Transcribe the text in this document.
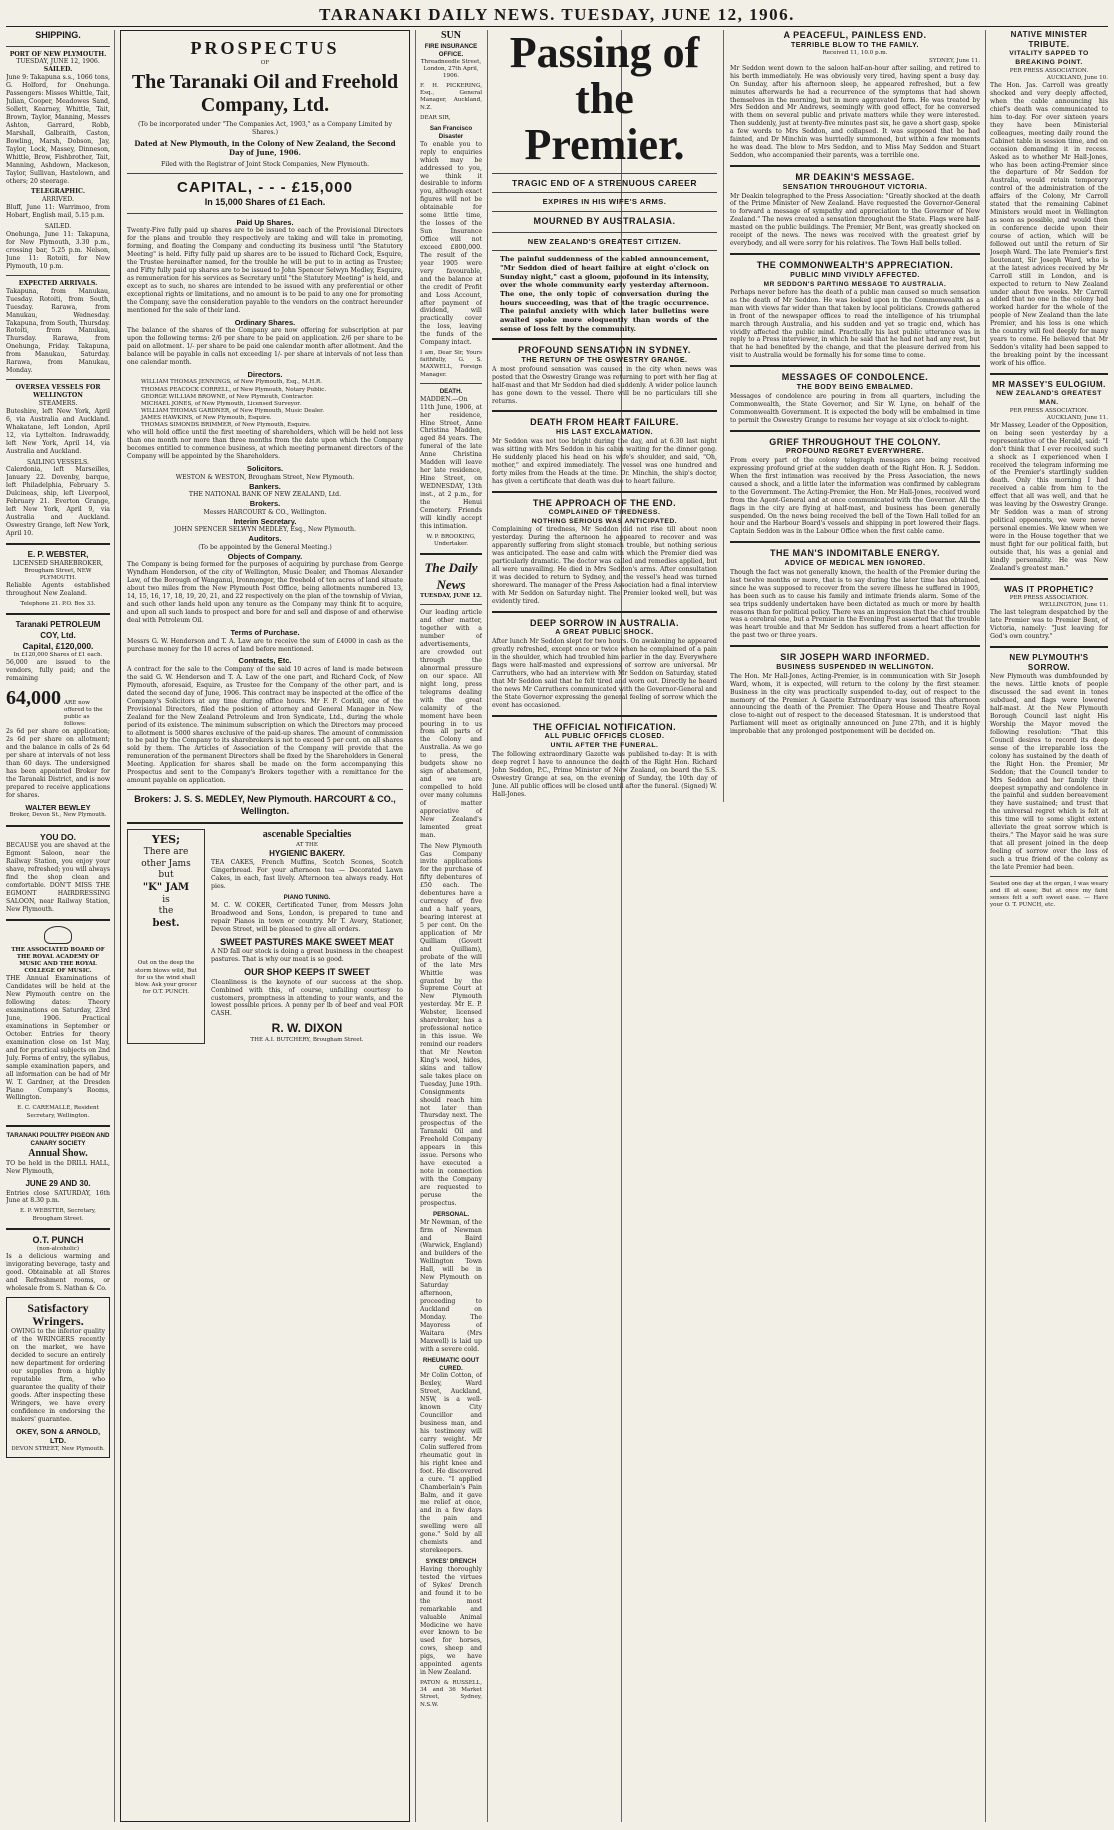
TARANAKI DAILY NEWS. TUESDAY, JUNE 12, 1906.
SHIPPING.
PORT OF NEW PLYMOUTH.
TUESDAY, JUNE 12, 1906.
SAILED.

June 9: Takapuna s.s., 1066 tons, G. Holford, for Onehunga. Passengers: Misses Whittle, Tait, Julian, Cooper, Meadowes Sand, Sollett, Kearney, Whittle, Tait, Brown, Taylor, Manning, Messrs Ashton, Garrard, Robb, Marshall, Galbraith, Caston, Bowling, Marsh, Dobson, Jay, Taylor, Lock, Massey, Dinneson, Whittle, Brow, Fishbrother, Tait, Manning, Ashdown, Mackeson, Taylor, Sullivan, Hastelown, and others; 20 steerage.

TELEGRAPHIC.
ARRIVED.

Bluff, June 11: Warrimoo, from Hobart, English mail, 5.15 p.m.

SAILED.

Onehunga, June 11: Takapuna, for New Plymouth, 3.30 p.m., crossing bar, 5.25 p.m. Nelson, June 11: Rotoiti, for New Plymouth, 10 p.m.

EXPECTED ARRIVALS.

Takapuna, from Manukau, Tuesday. Rotoiti, from South, Tuesday. Rarawa, from Manukau, Wednesday. Takapuna, from South, Thursday. Rotoiti, from Manukau, Thursday. Rarawa, from Onehunga, Friday. Takapuna, from Manukau, Saturday. Rarawa, from Manukau, Monday.

OVERSEA VESSELS FOR WELLINGTON
STEAMERS.

Buteshire, left New York, April 6, via Australia and Auckland. Whakatane, left London, April 12, via Lyttelton. Indrawaddy, left New York, April 14, via Australia and Auckland.

SAILING VESSELS.

Calerdonia, left Marseilles, January 22. Dovenby, barque, left Philadelphia, February 5. Dulcineas, ship, left Liverpool, February 21. Everton Grange, left New York, April 9, via Australia and Auckland. Oswestry Grange, left New York, April 10.

E. P. WEBSTER,
LICENSED SHAREBROKER,
Brougham Street, NEW PLYMOUTH.

Reliable Agents established throughout New Zealand.

Telephone 21. P.O. Box 33.
Taranaki PETROLEUM COY, Ltd.
Capital, £120,000.
In £120,000 Shares of £1 each.

56,000 are issued to the vendors, fully paid; and the remaining

64,000 ARE now offered to the public as follows:

2s 6d per share on application; 2s 6d per share on allotment; and the balance in calls of 2s 6d per share at intervals of not less than 60 days. The undersigned has been appointed Broker for the Taranaki District, and is now prepared to receive applications for shares.

WALTER BEWLEY
Broker, Devon St., New Plymouth.
YOU DO.

BECAUSE you are shaved at the Egmont Saloon, near the Railway Station, you enjoy your shave, refreshed; you will always find the shop clean and comfortable. DON'T MISS THE EGMONT HAIRDRESSING SALOON, near Railway Station, New Plymouth.

THE ASSOCIATED BOARD OF THE ROYAL ACADEMY OF MUSIC AND THE ROYAL COLLEGE OF MUSIC.

THE Annual Examinations of Candidates will be held at the New Plymouth centre on the following dates: Theory examinations on Saturday, 23rd June, 1906. Practical examinations in September or October. Entries for theory examination close on 1st May, and for practical subjects on 2nd July. Forms of entry, the syllabus, sample examination papers, and all information can be had of Mr W. T. Gardner, at the Dresden Piano Company's Rooms, Wellington.

E. C. CAREMALLE, Resident Secretary, Wellington.
TARANAKI POULTRY PIGEON AND CANARY SOCIETY
Annual Show.

TO be held in the DRILL HALL, New Plymouth,

JUNE 29 AND 30.

Entries close SATURDAY, 16th June at 8.30 p.m.

E. P. WEBSTER, Secretary, Brougham Street.
O.T. PUNCH
(non-alcoholic)

Is a delicious warming and invigorating beverage, tasty and good. Obtainable at all Stores and Refreshment rooms, or wholesale from S. Nathan & Co.

Satisfactory Wringers.

OWING to the inferior quality of the WRINGERS recently on the market, we have decided to secure an entirely new department for ordering our supplies from a highly reputable firm, who guarantee the quality of their goods. After inspecting these Wringers, we have every confidence in endorsing the makers' guarantee.

OKEY, SON & ARNOLD, LTD.
DEVON STREET, New Plymouth.
PROSPECTUS
OF
The Taranaki Oil and Freehold Company, Ltd.

(To be incorporated under "The Companies Act, 1903," as a Company Limited by Shares.)

Dated at New Plymouth, in the Colony of New Zealand, the Second Day of June, 1906.

Filed with the Registrar of Joint Stock Companies, New Plymouth.

CAPITAL, - - - £15,000
In 15,000 Shares of £1 Each.
Paid Up Shares.

Twenty-Five fully paid up shares are to be issued to each of the Provisional Directors for the plans and trouble they respectively are taking and will take in promoting, forming, and floating the Company and conducting its business until "the Statutory Meeting" is held. Fifty fully paid up shares are to be issued to Richard Cock, Esquire, the Trustee hereinafter named, for the trouble he will be put to in acting as Trustee; and Fifty fully paid up shares are to be issued to John Spencer Selwyn Medley, Esquire, as remuneration for his services as Secretary until "the Statutory Meeting" is held, and except as to such, no shares are intended to be issued with any preferential or other exceptional rights or limitations, and no amount is to be paid to any one for promoting the Company, save the consideration payable to the vendors on the contract hereunder mentioned for the sale of their land.

Ordinary Shares.

The balance of the shares of the Company are now offering for subscription at par upon the following terms: 2/6 per share to be paid on application. 2/6 per share to be paid on allotment. 1/- per share to be paid one calendar month after allotment. And the balance will be payable in calls not exceeding 1/- per share at intervals of not less than one calendar month.

Directors.
WILLIAM THOMAS JENNINGS, of New Plymouth, Esq., M.H.R.
THOMAS PEACOCK CORRELL, of New Plymouth, Notary Public.
GEORGE WILLIAM BROWNE, of New Plymouth, Contractor.
MICHAEL JONES, of New Plymouth, Licensed Surveyor.
WILLIAM THOMAS GARDNER, of New Plymouth, Music Dealer.
JAMES HAWKINS, of New Plymouth, Esquire.
THOMAS SIMONDS BRIMMER, of New Plymouth, Esquire.

who will hold office until the first meeting of shareholders, which will be held not less than one month nor more than three months from the date upon which the Company becomes entitled to commence business, at which meeting permanent directors of the Company will be appointed by the Shareholders.

Solicitors.
WESTON & WESTON, Brougham Street, New Plymouth.
Bankers.
THE NATIONAL BANK OF NEW ZEALAND, Ltd.
Brokers.
Messrs HARCOURT & CO., Wellington.
Interim Secretary.
JOHN SPENCER SELWYN MEDLEY, Esq., New Plymouth.
Auditors.
(To be appointed by the General Meeting.)
Objects of Company.

The Company is being formed for the purposes of acquiring by purchase from George Wyndham Henderson, of the city of Wellington, Music Dealer, and Thomas Alexander Law, of the Borough of Wanganui, Ironmonger, the freehold of ten acres of land situate about two miles from the New Plymouth Post Office, being allotments numbered 13, 14, 15, 16, 17, 18, 19, 20, 21, and 22 respectively on the plan of the township of Vivian, and such other lands held upon any tenure as the Company may think fit to acquire, and upon all such lands to prospect and bore for and sell and dispose of and otherwise deal with Petroleum Oil.

Terms of Purchase.

Messrs G. W. Henderson and T. A. Law are to receive the sum of £4000 in cash as the purchase money for the 10 acres of land before mentioned.

Contracts, Etc.

A contract for the sale to the Company of the said 10 acres of land is made between the said G. W. Henderson and T. A. Law of the one part, and Richard Cock, of New Plymouth, aforesaid, Esquire, as Trustee for the Company of the other part, and is dated the second day of June, 1906. This contract may be inspected at the office of the Company's Solicitors at any time during office hours. Mr F. P. Corkill, one of the Provisional Directors, filed the position of attorney and General Manager in New Zealand for the New Zealand Petroleum and Iron Syndicate, Ltd., during the whole period of its existence. The minimum subscription on which the Directors may proceed to allotment is 5000 shares exclusive of the paid-up shares. The amount of commission to be paid by the Company to its sharebrokers is not to exceed 5 per cent. on all shares sold by them. The Articles of Association of the Company will provide that the remuneration of the permanent Directors shall be fixed by the Shareholders in General Meeting. Application for shares shall be made on the form accompanying this Prospectus and sent to the Company's Brokers together with a remittance for the amount payable on application.

Brokers: J. S. S. MEDLEY, New Plymouth. HARCOURT & CO., Wellington.
YES;
There are
other Jams
but
"K" JAM
is
the
best.
Out on the deep the storm blows wild, But for us the wind shall blow. Ask your grocer for O.T. PUNCH.
ascenable Specialties
AT THE
HYGIENIC BAKERY.

TEA CAKES, French Muffins, Scotch Scones, Scotch Gingerbread. For your afternoon tea — Decorated Lawn Cakes, in each, fast lively. Afternoon tea always ready. Hot pies.

PIANO TUNING.

M. C. W. COKER, Certificated Tuner, from Messrs John Broadwood and Sons, London, is prepared to tune and repair Pianos in town or country. Mr T. Avery, Stationer, Devon Street, will be pleased to give all orders.

SWEET PASTURES MAKE SWEET MEAT

A ND fall our stock is doing a great business in the cheapest pastures. That is why our meat is so good.

OUR SHOP KEEPS IT SWEET

Cleanliness is the keynote of our success at the shop. Combined with this, of course, unfailing courtesy to customers, promptness in attending to your wants, and the lowest possible prices. A penny per lb of beef and veal FOR CASH.

R. W. DIXON
THE A.I. BUTCHERY, Brougham Street.
SUN
FIRE INSURANCE OFFICE.

Threadneedle Street, London, 27th April, 1906.

F. H. PICKERING, Esq., General Manager, Auckland, N.Z.

DEAR SIR,

San Francisco Disaster

To enable you to reply to enquiries which may be addressed to you, we think it desirable to inform you, although exact figures will not be obtainable for some little time, the losses of the Sun Insurance Office will not exceed £800,000. The result of the year 1905 were very favourable, and the balance at the credit of Profit and Loss Account, after payment of dividend, will practically cover the loss, leaving the funds of the Company intact.

I am, Dear Sir, Yours faithfully, G. S. MAXWELL, Foreign Manager.

DEATH.

MADDEN.—On 11th June, 1906, at her residence, Hine Street, Anne Christina Madden, aged 84 years. The funeral of the late Anne Christina Madden will leave her late residence, Hine Street, on WEDNESDAY, 13th inst., at 2 p.m., for the Henui Cemetery. Friends will kindly accept this intimation.

W. P. BROOKING, Undertaker.

The Daily News
TUESDAY, JUNE 12.

Our leading article and other matter, together with a number of advertisements, are crowded out through the abnormal pressure on our space. All night long, press telegrams dealing with the great calamity of the moment have been pouring in to us from all parts of the Colony and Australia. As we go to press, the budgets show no sign of abatement, and we are compelled to hold over many columns of matter appreciative of New Zealand's lamented great man.

The New Plymouth Gas Company invite applications for the purchase of fifty debentures of £50 each. The debentures have a currency of five and a half years, bearing interest at 5 per cent. On the application of Mr Quilliam (Govett and Quilliam), probate of the will of the late Mrs Whittle was granted by the Supreme Court at New Plymouth yesterday. Mr E. P. Webster, licensed sharebroker, has a professional notice in this issue. We remind our readers that Mr Newton King's wool, hides, skins and tallow sale takes place on Tuesday, June 19th. Consignments should reach him not later than Thursday next. The prospectus of the Taranaki Oil and Freehold Company appears in this issue. Persons who have executed a note in connection with the Company are requested to peruse the prospectus.

PERSONAL.

Mr Newman, of the firm of Newman and Baird (Warwick, England) and builders of the Wellington Town Hall, will be in New Plymouth on Saturday afternoon, proceeding to Auckland on Monday. The Mayoress of Waitara (Mrs Maxwell) is laid up with a severe cold.

RHEUMATIC GOUT CURED.

Mr Colin Cotton, of Bexley, Ward Street, Auckland, NSW, is a well-known City Councillor and business man, and his testimony will carry weight. Mr Colin suffered from rheumatic gout in his right knee and foot. He discovered a cure. "I applied Chamberlain's Pain Balm, and it gave me relief at once, and in a few days the pain and swelling were all gone." Sold by all chemists and storekeepers.

SYKES' DRENCH

Having thoroughly tested the virtues of Sykes' Drench and found it to be the most remarkable and valuable Animal Medicine we have ever known to be used for horses, cows, sheep and pigs, we have appointed agents in New Zealand.

PATON & RUSSELL, 34 and 36 Market Street, Sydney, N.S.W.

Passing of the Premier.
TRAGIC END OF A STRENUOUS CAREER
EXPIRES IN HIS WIFE'S ARMS.
MOURNED BY AUSTRALASIA.
NEW ZEALAND'S GREATEST CITIZEN.

The painful suddenness of the cabled announcement, "Mr Seddon died of heart failure at eight o'clock on Sunday night," cast a gloom, profound in its intensity, over the whole community early yesterday afternoon. The one, the only topic of conversation during the hours succeeding, was that of the tragic occurrence. The painful anxiety with which later bulletins were awaited spoke more eloquently than words of the sense of loss felt by the community.

PROFOUND SENSATION IN SYDNEY.
THE RETURN OF THE OSWESTRY GRANGE.

A most profound sensation was caused in the city when news was posted that the Oswestry Grange was returning to port with her flag at half-mast and that Mr Seddon had died suddenly. A wider police launch has gone down to the vessel. There will be no particulars till she returns.

DEATH FROM HEART FAILURE.
HIS LAST EXCLAMATION.

Mr Seddon was not too bright during the day, and at 6.30 last night was sitting with Mrs Seddon in his cabin waiting for the dinner gong. He suddenly placed his head on his wife's shoulder, and said, "Oh, mother," and expired immediately. The vessel was one hundred and forty miles from the Heads at the time. Dr. Minchin, the ship's doctor, has given a certificate that death was due to heart failure.

THE APPROACH OF THE END.
COMPLAINED OF TIREDNESS.
NOTHING SERIOUS WAS ANTICIPATED.

Complaining of tiredness, Mr Seddon did not rise till about noon yesterday. During the afternoon he appeared to recover and was apparently suffering from slight stomach trouble, but nothing serious was anticipated. The ease and calm with which the Premier died was particularly dramatic. The doctor was called and remedies applied, but all were unavailing. He died in Mrs Seddon's arms. After consultation it was decided to return to Sydney, and the vessel's head was turned shoreward. The manager of the Press Association had a final interview with Mr Seddon on Saturday night. The Premier looked well, but was evidently tired.

DEEP SORROW IN AUSTRALIA.
A GREAT PUBLIC SHOCK.

After lunch Mr Seddon slept for two hours. On awakening he appeared greatly refreshed, except once or twice when he complained of a pain in the shoulder, which had troubled him earlier in the day. Everywhere flags were half-masted and expressions of sorrow are universal. Mr Carruthers, who had an interview with Mr Seddon on Saturday, stated that Mr Seddon said that he felt tired and worn out. Directly he heard the news Mr Carruthers communicated with the Governor-General and the State Governor expressing the general feeling of sorrow which the event has occasioned.

THE OFFICIAL NOTIFICATION.
ALL PUBLIC OFFICES CLOSED.
UNTIL AFTER THE FUNERAL.

The following extraordinary Gazette was published to-day: It is with deep regret I have to announce the death of the Right Hon. Richard John Seddon, P.C., Prime Minister of New Zealand, on board the S.S. Oswestry Grange at sea, on the evening of Sunday, the 10th day of June. All public offices will be closed until after the funeral. (Signed) W. Hall-Jones.

A PEACEFUL, PAINLESS END.
TERRIBLE BLOW TO THE FAMILY.
Received 11, 10.0 p.m.
SYDNEY, June 11.

Mr Seddon went down to the saloon half-an-hour after sailing, and retired to his berth immediately. He was obviously very tired, having spent a busy day. On Sunday, after his afternoon sleep, he appeared refreshed, but a few minutes afterwards he had a recurrence of the symptoms that had shown themselves in the morning, but in more aggravated form. He was treated by Mrs Seddon and Mr Andrews, seemingly with good effect, for he conversed with them on several public and private matters while they were interested. Then suddenly, just at twenty-five minutes past six, he gave a short gasp, spoke a few words to Mrs Seddon, and collapsed. It was supposed that he had fainted, and Dr Minchin was hurriedly summoned, but within a few moments he was dead. The blow to Mrs Seddon, and to Miss May Seddon and Stuart Seddon, who accompanied their parents, was a terrible one.

MR DEAKIN'S MESSAGE.
SENSATION THROUGHOUT VICTORIA.

Mr Deakin telegraphed to the Press Association: "Greatly shocked at the death of the Prime Minister of New Zealand. Have requested the Governor-General to forward a message of sympathy and appreciation to the Governor of New Zealand." The news created a sensation throughout the State. Flags were half-masted on the public buildings. The Premier, Mr Bent, was greatly shocked on receipt of the news. The news was received with the greatest grief by everybody, and all were sorry for his relatives. The Town Hall bells tolled.

THE COMMONWEALTH'S APPRECIATION.
PUBLIC MIND VIVIDLY AFFECTED.
MR SEDDON'S PARTING MESSAGE TO AUSTRALIA.

Perhaps never before has the death of a public man caused so much sensation as the death of Mr Seddon. He was looked upon in the Commonwealth as a man with views far wider than that taken by local politicians. Crowds gathered in front of the newspaper offices to read the intelligence of his triumphal march through Australia, and his sudden and yet so tragic end, which has vividly affected the public mind. Practically his last public utterance was in reply to a Press interviewer, in which he said that he had not had any rest, but that he had benefited by the change, and that the pleasure derived from his visit to Australia would be formally his for some time to come.

MESSAGES OF CONDOLENCE.
THE BODY BEING EMBALMED.

Messages of condolence are pouring in from all quarters, including the Commonwealth, the State Governor, and Sir W. Lyne, on behalf of the Commonwealth Government. It is expected the body will be embalmed in time to permit the Oswestry Grange to resume her voyage at six o'clock to-night.

GRIEF THROUGHOUT THE COLONY.
PROFOUND REGRET EVERYWHERE.

From every part of the colony telegraph messages are being received expressing profound grief at the sudden death of the Right Hon. R. J. Seddon. When the first intimation was received by the Press Association, the news caused a shock, and a little later the information was confirmed by cablegram to the Government. The Acting-Premier, the Hon. Mr Hall-Jones, received word from the Agent-General and at once communicated with the Governor. All the flags in the city are flying at half-mast, and business has been generally suspended. On the news being received the bell of the Town Hall tolled for an hour and the Harbour Board's vessels and shipping in port lowered their flags. Captain Seddon was in the Labour Office when the first cable came.

THE MAN'S INDOMITABLE ENERGY.
ADVICE OF MEDICAL MEN IGNORED.

Though the fact was not generally known, the health of the Premier during the last twelve months or more, that is to say during the later time has obtained, since he was supposed to recover from the severe illness he suffered in 1905, has been such as to cause his family and intimate friends alarm. Some of the sea trips suddenly undertaken have been dictated as much or more by health reasons than for political policy. There was an impression that the chief trouble was a cerebral one, but a Premier in the Evening Post asserted that the trouble was heart trouble and that Mr Seddon has suffered from a heart affection for the past two or three years.

SIR JOSEPH WARD INFORMED.
BUSINESS SUSPENDED IN WELLINGTON.

The Hon. Mr Hall-Jones, Acting-Premier, is in communication with Sir Joseph Ward, whom, it is expected, will return to the colony by the first steamer. Business in the city was practically suspended to-day, out of respect to the memory of the Premier. A Gazette Extraordinary was issued this afternoon announcing the death of the Premier. The Opera House and Theatre Royal close to-night out of respect to the deceased Statesman. It is understood that Parliament will meet as originally announced on June 27th, and it is highly improbable that any prolonged postponement will be decided on.

NATIVE MINISTER TRIBUTE.
VITALITY SAPPED TO BREAKING POINT.
PER PRESS ASSOCIATION.
AUCKLAND, June 10.

The Hon. Jas. Carroll was greatly shocked and very deeply affected, when the cable announcing his chief's death was communicated to him to-day. For over sixteen years they have been Ministerial colleagues, meeting daily round the Cabinet table in session time, and on occasion demanding it in recess. Asked as to whether Mr Hall-Jones, who has been acting-Premier since the departure of Mr Seddon for Australia, would retain temporary control of the administration of the affairs of the Colony, Mr Carroll stated that the remaining Cabinet Ministers would meet in Wellington as soon as possible, and would then in conference decide upon their course of action, which will be followed out until the return of Sir Joseph Ward. The late Premier's first lieutenant, Sir Joseph Ward, who is at the latest advices received by Mr Carroll still in London, and is expected to return to New Zealand under about five weeks. Mr Carroll added that no one in the colony had worked harder for the whole of the people of New Zealand than the late Premier, and his loss is one which the country will feel deeply for many years to come. He believed that Mr Seddon's vitality had been sapped to the breaking point by the incessant work of his office.

MR MASSEY'S EULOGIUM.
NEW ZEALAND'S GREATEST MAN.
PER PRESS ASSOCIATION.
AUCKLAND, June 11.

Mr Massey, Leader of the Opposition, on being seen yesterday by a representative of the Herald, said: "I don't think that I ever received such a shock as I experienced when I received the telegram informing me of the Premier's startlingly sudden death. Only this morning I had received a cable from him to the effect that all was well, and that he was leaving by the Oswestry Grange. Mr Seddon was a man of strong political opponents, we were never personal enemies. We knew when we were in the House together that we must fight for our political faith, but outside that, his was a genial and kindly personality. He was New Zealand's greatest man."

WAS IT PROPHETIC?
PER PRESS ASSOCIATION.
WELLINGTON, June 11.

The last telegram despatched by the late Premier was to Premier Bent, of Victoria, namely: "Just leaving for God's own country."

NEW PLYMOUTH'S SORROW.

New Plymouth was dumbfounded by the news. Little knots of people discussed the sad event in tones subdued, and flags were lowered half-mast. At the New Plymouth Borough Council last night His Worship the Mayor moved the following resolution: "That this Council desires to record its deep sense of the irreparable loss the colony has sustained by the death of the Right Hon. the Premier, Mr Seddon; that the Council tender to Mrs Seddon and her family their deepest sympathy and condolence in the painful and sudden bereavement they have sustained; and trust that the universal regret which is felt at this time will to some slight extent alleviate the great sorrow which is theirs." The Mayor said he was sure that all present joined in the deep feeling of sorrow over the loss of such a true friend of the colony as the late Premier had been.

Seated one day at the organ, I was weary and ill at ease; But at once my faint senses felt a soft sweet ease. — Have your O. T. PUNCH, etc.
